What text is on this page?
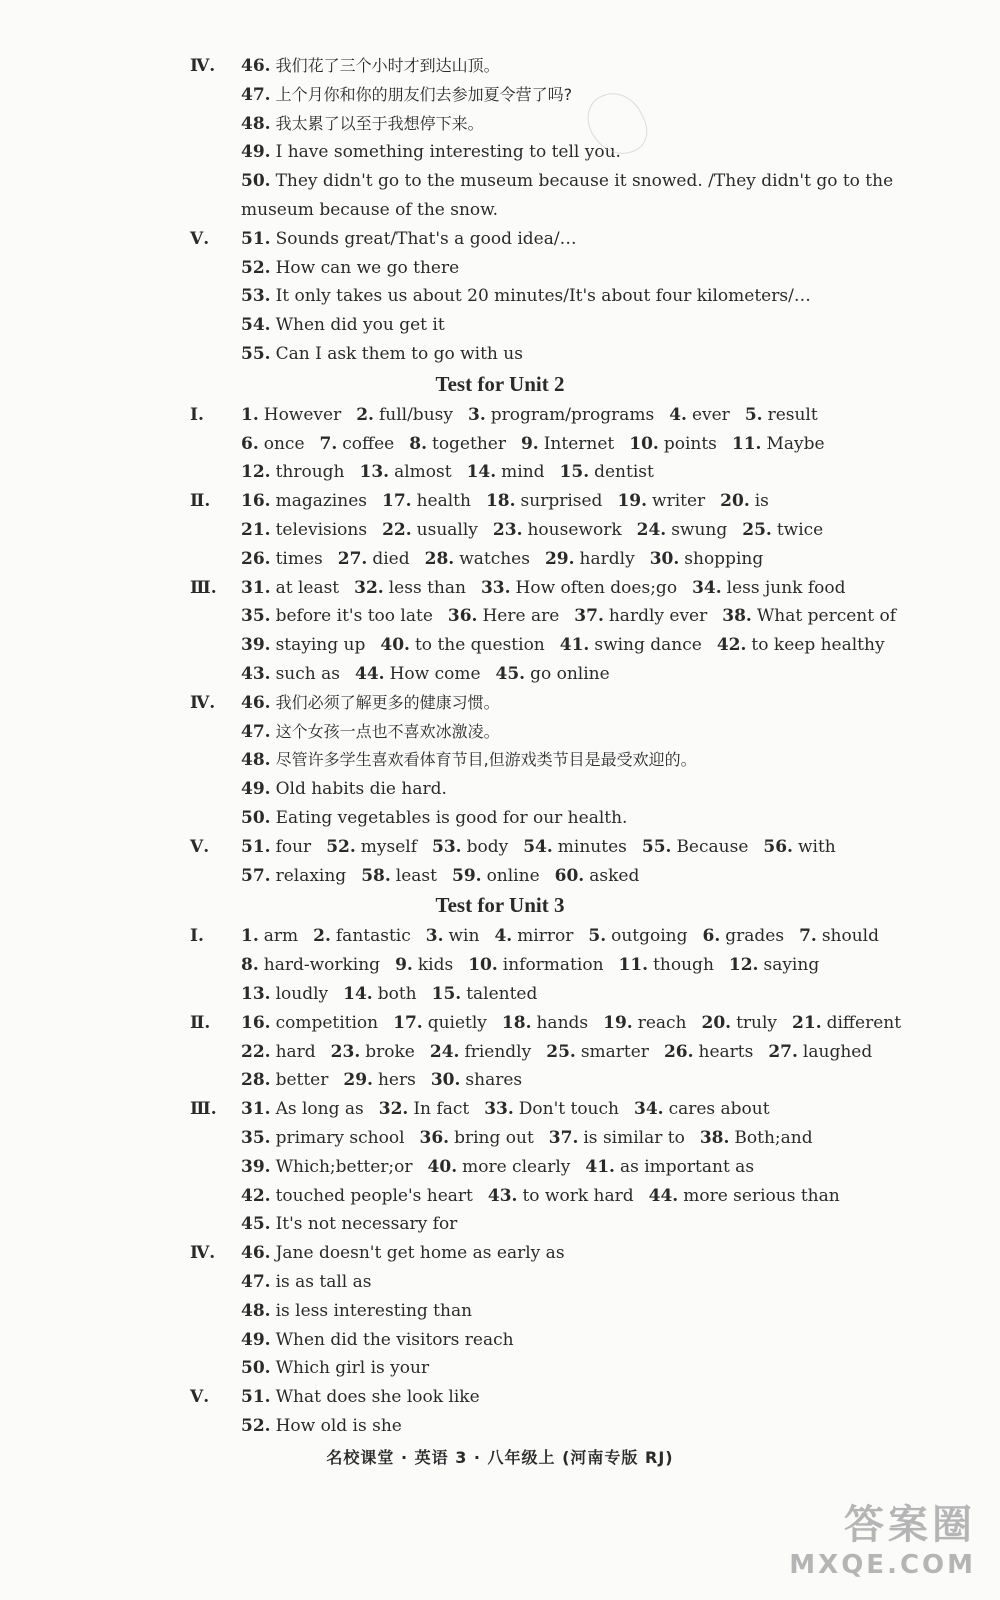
Ⅳ. 46. 我们花了三个小时才到达山顶。
47. 上个月你和你的朋友们去参加夏令营了吗?
48. 我太累了以至于我想停下来。
49. I have something interesting to tell you.
50. They didn't go to the museum because it snowed. /They didn't go to the
museum because of the snow.
Ⅴ.	51. Sounds great/That's a good idea/…
52. How can we go there
53. It only takes us about 20 minutes/It's about four kilometers/…
54. When did you get it
55. Can I ask them to go with us
Test for Unit 2
Ⅰ.	1. However 2. full/busy 3. program/programs 4. ever 5. result
6. once 7. coffee 8. together 9. Internet 10. points 11. Maybe
12. through 13. almost 14. mind 15. dentist
Ⅱ.	16. magazines 17. health 18. surprised 19. writer 20. is
21. televisions 22. usually 23. housework 24. swung 25. twice
26. times 27. died 28. watches 29. hardly 30. shopping
Ⅲ. 31. at least 32. less than 33. How often does;go 34. less junk food
35. before it's too late 36. Here are 37. hardly ever 38. What percent of
39. staying up 40. to the question 41. swing dance 42. to keep healthy
43. such as 44. How come 45. go online
Ⅳ. 46. 我们必须了解更多的健康习惯。
47. 这个女孩一点也不喜欢冰激凌。
48. 尽管许多学生喜欢看体育节目,但游戏类节目是最受欢迎的。
49. Old habits die hard.
50. Eating vegetables is good for our health.
Ⅴ.	51. four 52. myself 53. body 54. minutes 55. Because 56. with
57. relaxing 58. least 59. online 60. asked
Test for Unit 3
Ⅰ.	1. arm 2. fantastic 3. win 4. mirror 5. outgoing 6. grades 7. should
8. hard-working 9. kids 10. information 11. though 12. saying
13. loudly 14. both 15. talented
Ⅱ.	16. competition 17. quietly 18. hands 19. reach 20. truly 21. different
22. hard 23. broke 24. friendly 25. smarter 26. hearts 27. laughed
28. better 29. hers 30. shares
Ⅲ. 31. As long as 32. In fact 33. Don't touch 34. cares about
35. primary school 36. bring out 37. is similar to 38. Both;and
39. Which;better;or 40. more clearly 41. as important as
42. touched people's heart 43. to work hard 44. more serious than
45. It's not necessary for
Ⅳ. 46. Jane doesn't get home as early as
47. is as tall as
48. is less interesting than
49. When did the visitors reach
50. Which girl is your
Ⅴ.	51. What does she look like
52. How old is she
名校课堂 · 英语 3 · 八年级上 (河南专版 RJ)
答案圈
MXQE.COM
